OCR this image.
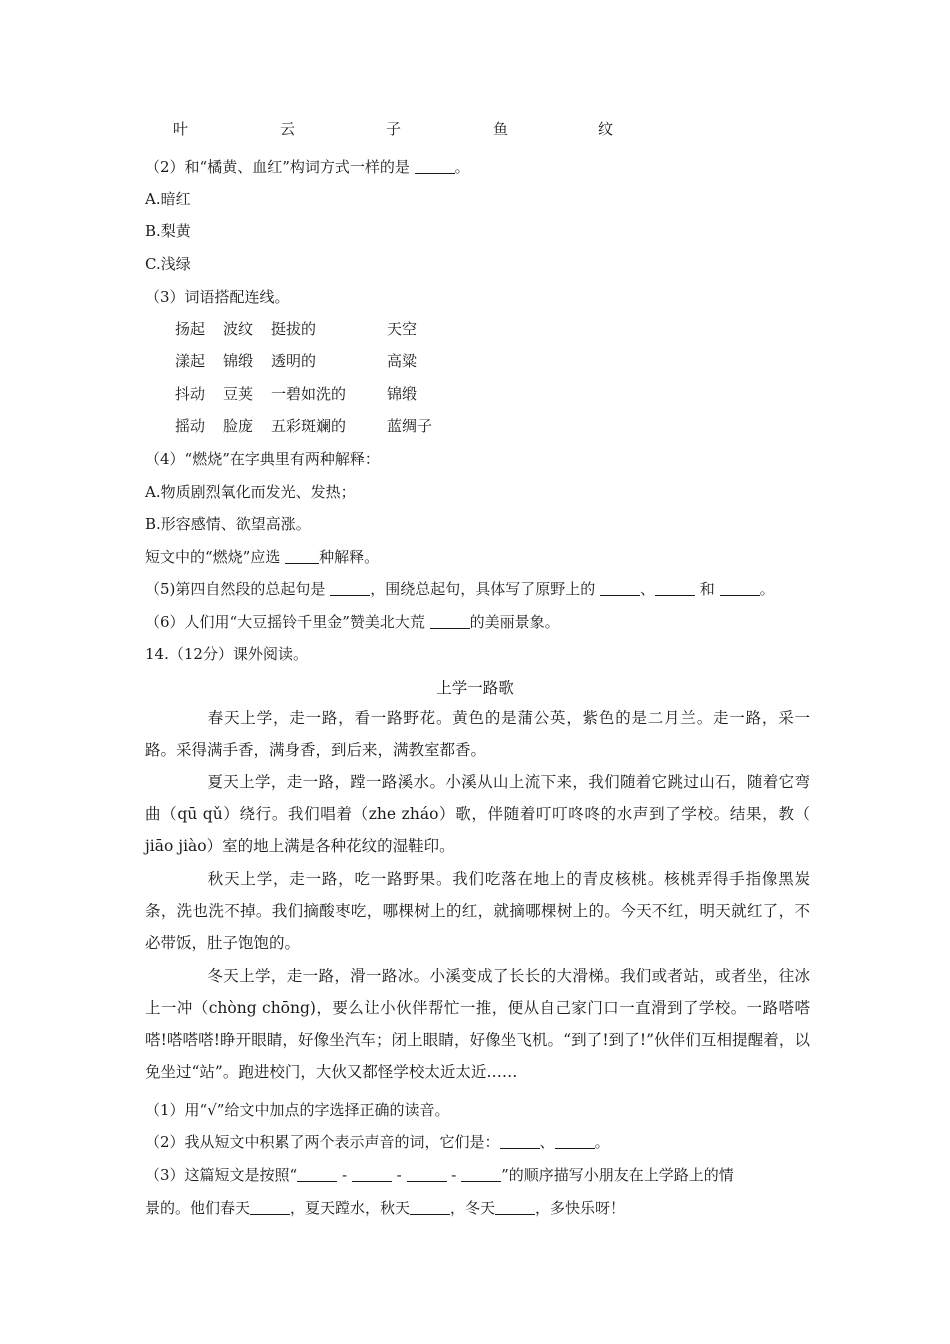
叶	云	子	鱼	纹
（2）和“橘黄、血红”构词方式一样的是	。
A.暗红
B.梨黄
C.浅绿
（3）词语搭配连线。
扬起 波纹 挺拔的	天空
漾起 锦缎 透明的	高粱
抖动 豆荚 一碧如洗的	锦缎
摇动 脸庞 五彩斑斓的	蓝绸子
（4）“燃烧”在字典里有两种解释：
A.物质剧烈氧化而发光、发热；
B.形容感情、欲望高涨。
短文中的“燃烧”应选	种解释。
（5)第四自然段的总起句是	，围绕总起句，具体写了原野上的	、	和	。
（6）人们用“大豆摇铃千里金”赞美北大荒	的美丽景象。
14.（12分）课外阅读。
上学一路歌
春天上学，走一路，看一路野花。黄色的是蒲公英，紫色的是二月兰。走一路，采一路。采得满手香，满身香，到后来，满教室都香。
夏天上学，走一路，蹚一路溪水。小溪从山上流下来，我们随着它跳过山石，随着它弯曲（qū qǔ）绕行。我们唱着（zhe zháo）歌，伴随着叮叮咚咚的水声到了学校。结果，教（ jiāo jiào）室的地上满是各种花纹的湿鞋印。
秋天上学，走一路，吃一路野果。我们吃落在地上的青皮核桃。核桃弄得手指像黑炭条，洗也洗不掉。我们摘酸枣吃，哪棵树上的红，就摘哪棵树上的。今天不红，明天就红了，不必带饭，肚子饱饱的。
冬天上学，走一路，滑一路冰。小溪变成了长长的大滑梯。我们或者站，或者坐，往冰上一冲（chòng chōng)，要么让小伙伴帮忙一推，便从自己家门口一直滑到了学校。一路嗒嗒嗒!嗒嗒嗒!睁开眼睛，好像坐汽车；闭上眼睛，好像坐飞机。“到了!到了!”伙伴们互相提醒着，以免坐过“站”。跑进校门，大伙又都怪学校太近太近……
（1）用“√”给文中加点的字选择正确的读音。
（2）我从短文中积累了两个表示声音的词，它们是：	、	。
（3）这篇短文是按照“	-	-	-	”的顺序描写小朋友在上学路上的情
景的。他们春天	，夏天蹚水，秋天	，冬天	，多快乐呀！
